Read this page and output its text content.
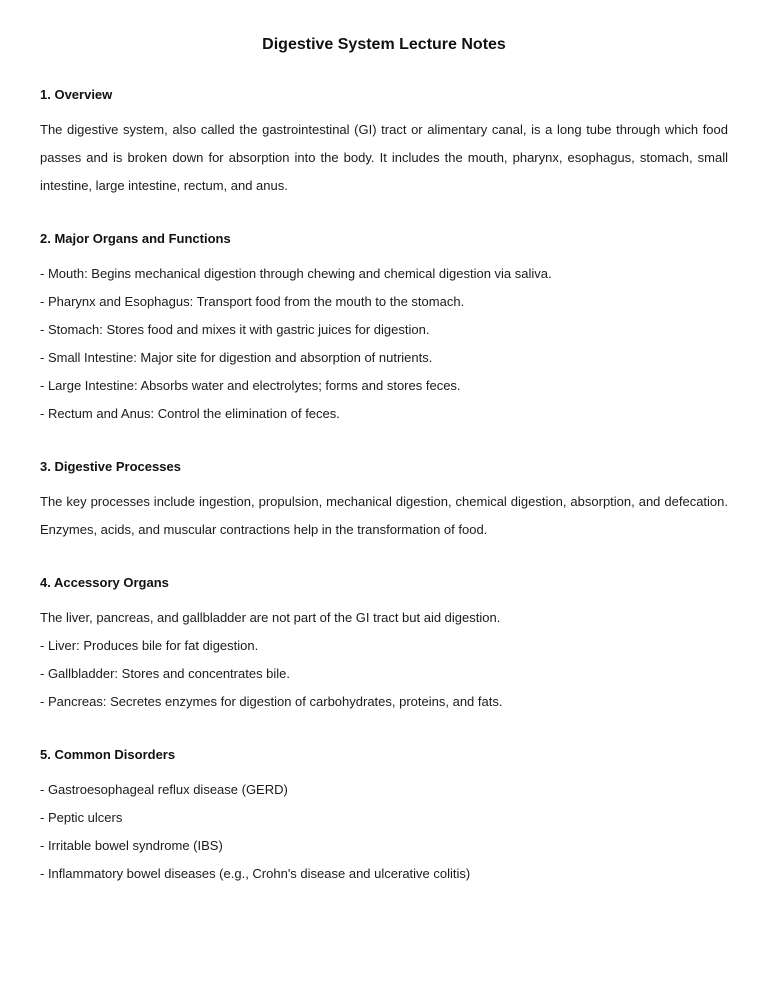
Digestive System Lecture Notes
1. Overview

The digestive system, also called the gastrointestinal (GI) tract or alimentary canal, is a long tube through which food passes and is broken down for absorption into the body. It includes the mouth, pharynx, esophagus, stomach, small intestine, large intestine, rectum, and anus.

2. Major Organs and Functions

- Mouth: Begins mechanical digestion through chewing and chemical digestion via saliva.

- Pharynx and Esophagus: Transport food from the mouth to the stomach.

- Stomach: Stores food and mixes it with gastric juices for digestion.

- Small Intestine: Major site for digestion and absorption of nutrients.

- Large Intestine: Absorbs water and electrolytes; forms and stores feces.

- Rectum and Anus: Control the elimination of feces.

3. Digestive Processes

The key processes include ingestion, propulsion, mechanical digestion, chemical digestion, absorption, and defecation. Enzymes, acids, and muscular contractions help in the transformation of food.

4. Accessory Organs

The liver, pancreas, and gallbladder are not part of the GI tract but aid digestion.

- Liver: Produces bile for fat digestion.

- Gallbladder: Stores and concentrates bile.

- Pancreas: Secretes enzymes for digestion of carbohydrates, proteins, and fats.

5. Common Disorders

- Gastroesophageal reflux disease (GERD)

- Peptic ulcers

- Irritable bowel syndrome (IBS)

- Inflammatory bowel diseases (e.g., Crohn's disease and ulcerative colitis)
